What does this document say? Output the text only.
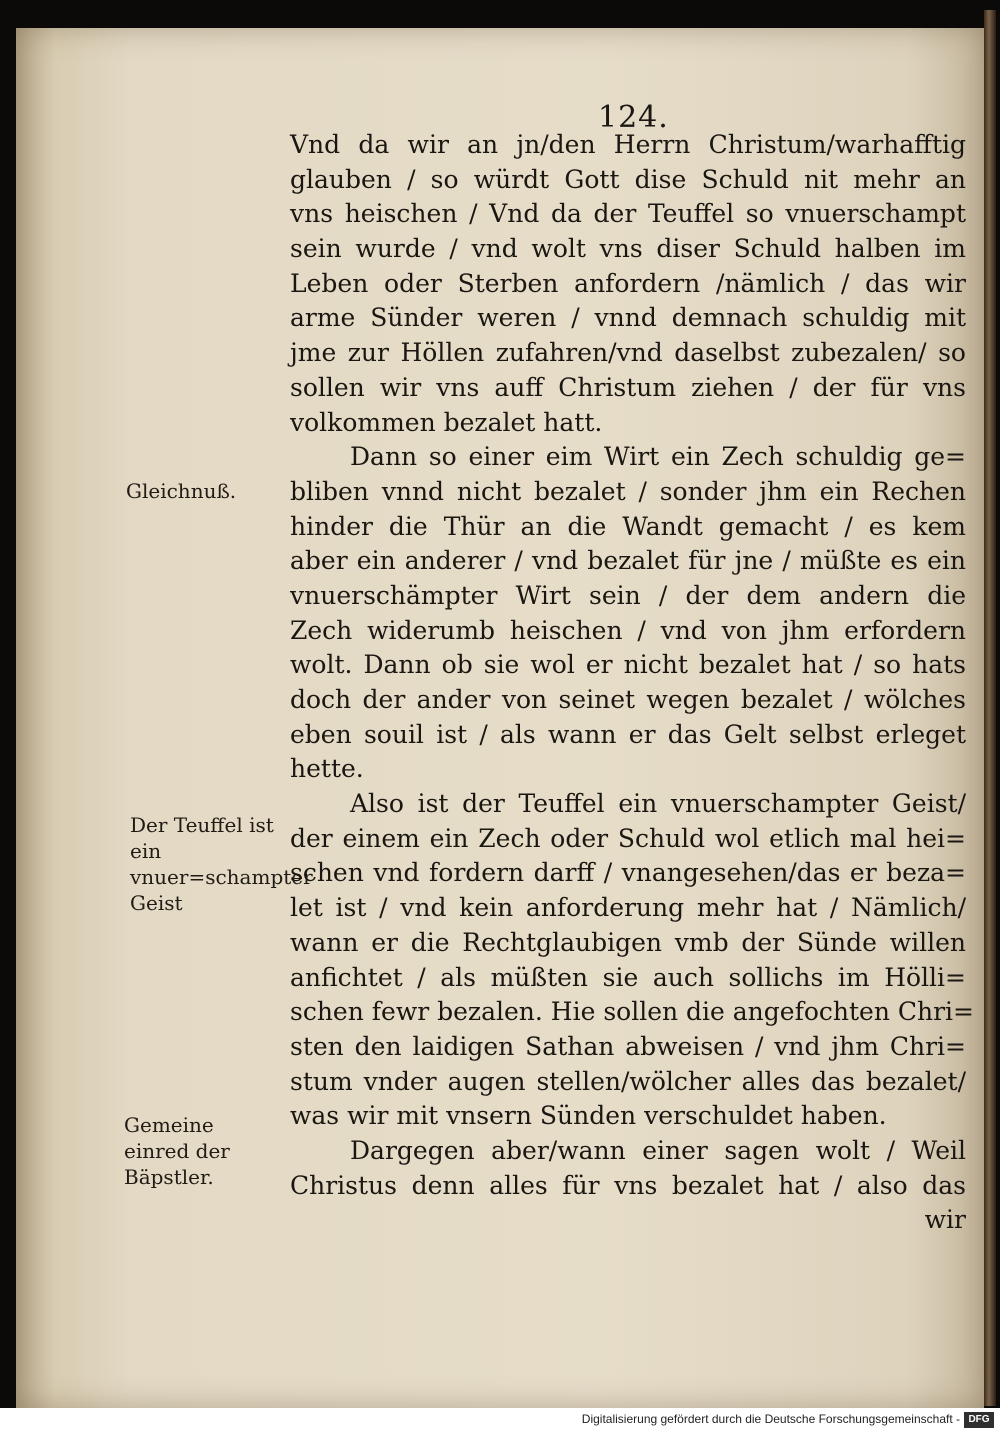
124.
Gleichnuß.
Der Teuffel ist ein vnuer=schampter Geist
Gemeine einred der Bäpstler.
Vnd da wir an jn/den Herrn Christum/warhafftig
glauben / so würdt Gott dise Schuld nit mehr an
vns heischen / Vnd da der Teuffel so vnuerschampt
sein wurde / vnd wolt vns diser Schuld halben im
Leben oder Sterben anfordern /nämlich / das wir
arme Sünder weren / vnnd demnach schuldig mit
jme zur Höllen zufahren/vnd daselbst zubezalen/ so
sollen wir vns auff Christum ziehen / der für vns
volkommen bezalet hatt.
Dann so einer eim Wirt ein Zech schuldig ge=
bliben vnnd nicht bezalet / sonder jhm ein Rechen
hinder die Thür an die Wandt gemacht / es kem
aber ein anderer / vnd bezalet für jne / müßte es ein
vnuerschämpter Wirt sein / der dem andern die
Zech widerumb heischen / vnd von jhm erfordern
wolt. Dann ob sie wol er nicht bezalet hat / so hats
doch der ander von seinet wegen bezalet / wölches
eben souil ist / als wann er das Gelt selbst erleget
hette.
Also ist der Teuffel ein vnuerschampter Geist/
der einem ein Zech oder Schuld wol etlich mal hei=
schen vnd fordern darff / vnangesehen/das er beza=
let ist / vnd kein anforderung mehr hat / Nämlich/
wann er die Rechtglaubigen vmb der Sünde willen
anfichtet / als müßten sie auch sollichs im Hölli=
schen fewr bezalen. Hie sollen die angefochten Chri=
sten den laidigen Sathan abweisen / vnd jhm Chri=
stum vnder augen stellen/wölcher alles das bezalet/
was wir mit vnsern Sünden verschuldet haben.
Dargegen aber/wann einer sagen wolt / Weil
Christus denn alles für vns bezalet hat / also das
wir
Digitalisierung gefördert durch die Deutsche Forschungsgemeinschaft - DFG
